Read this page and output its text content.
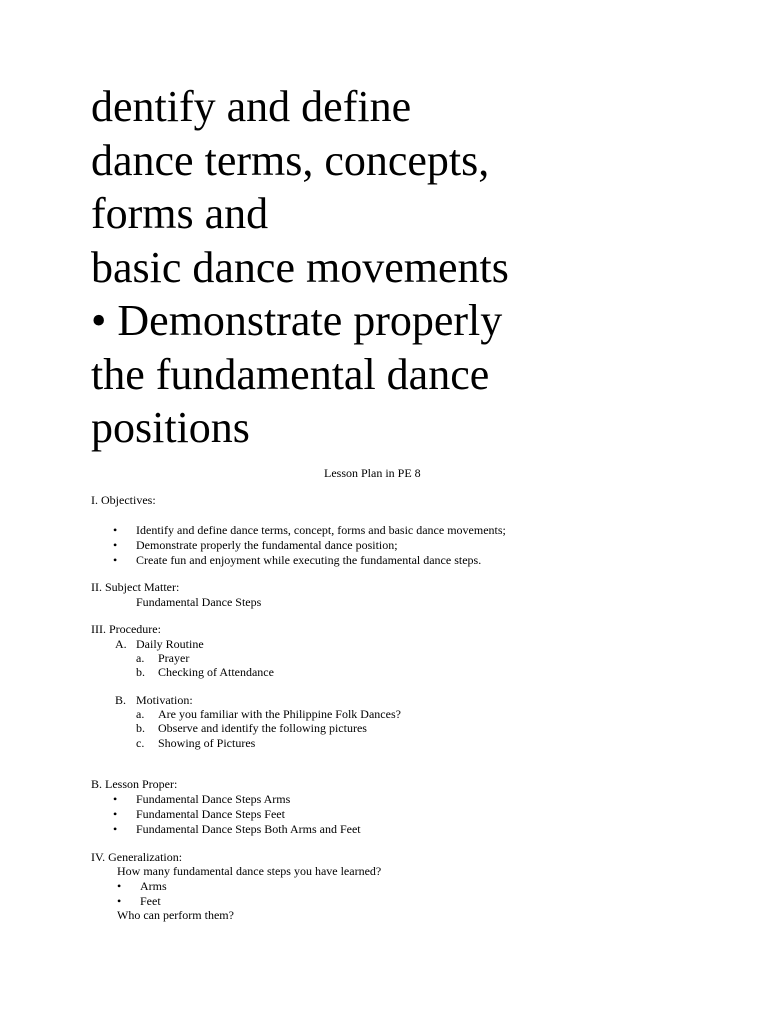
dentify and define
dance terms, concepts,
forms and
basic dance movements
• Demonstrate properly
the fundamental dance
positions
Lesson Plan in PE 8
I. Objectives:
• Identify and define dance terms, concept, forms and basic dance movements;
• Demonstrate properly the fundamental dance position;
• Create fun and enjoyment while executing the fundamental dance steps.
II. Subject Matter:
Fundamental Dance Steps
III. Procedure:
A. Daily Routine
a. Prayer
b. Checking of Attendance
B. Motivation:
a. Are you familiar with the Philippine Folk Dances?
b. Observe and identify the following pictures
c. Showing of Pictures
B. Lesson Proper:
• Fundamental Dance Steps Arms
• Fundamental Dance Steps Feet
• Fundamental Dance Steps Both Arms and Feet
IV. Generalization:
How many fundamental dance steps you have learned?
• Arms
• Feet
Who can perform them?
